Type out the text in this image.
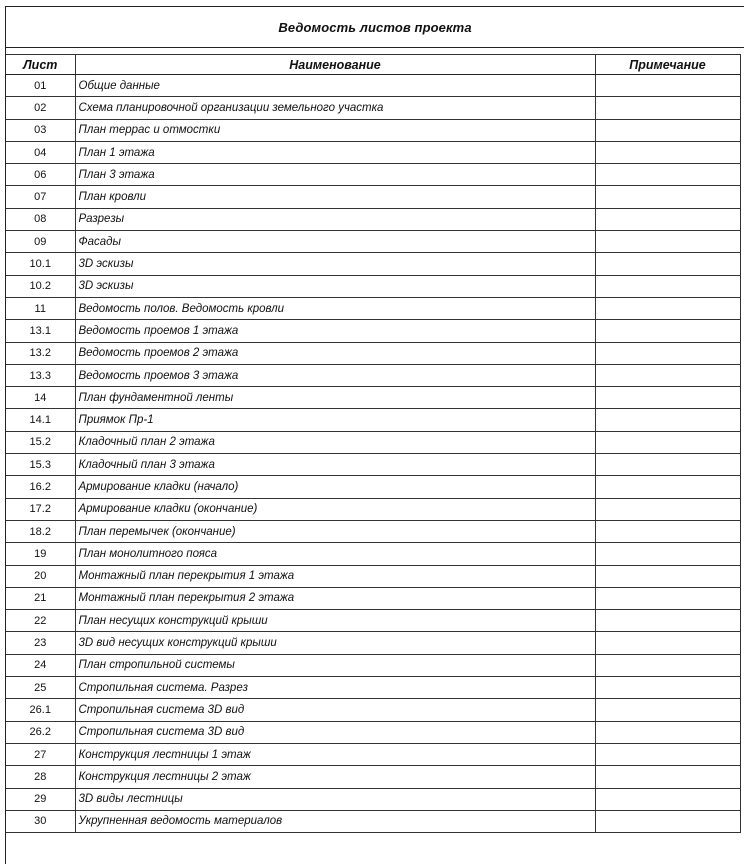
Ведомость листов проекта
Лист	Наименование	Примечание
01	Общие данные	
02	Схема планировочной организации земельного участка	
03	План террас и отмостки	
04	План 1 этажа	
06	План 3 этажа	
07	План кровли	
08	Разрезы	
09	Фасады	
10.1	3D эскизы	
10.2	3D эскизы	
11	Ведомость полов. Ведомость кровли	
13.1	Ведомость проемов 1 этажа	
13.2	Ведомость проемов 2 этажа	
13.3	Ведомость проемов 3 этажа	
14	План фундаментной ленты	
14.1	Приямок Пр-1	
15.2	Кладочный план 2 этажа	
15.3	Кладочный план 3 этажа	
16.2	Армирование кладки (начало)	
17.2	Армирование кладки (окончание)	
18.2	План перемычек (окончание)	
19	План монолитного пояса	
20	Монтажный план перекрытия 1 этажа	
21	Монтажный план перекрытия 2 этажа	
22	План несущих конструкций крыши	
23	3D вид несущих конструкций крыши	
24	План стропильной системы	
25	Стропильная система. Разрез	
26.1	Стропильная система 3D вид	
26.2	Стропильная система 3D вид	
27	Конструкция лестницы 1 этаж	
28	Конструкция лестницы 2 этаж	
29	3D виды лестницы	
30	Укрупненная ведомость материалов	
